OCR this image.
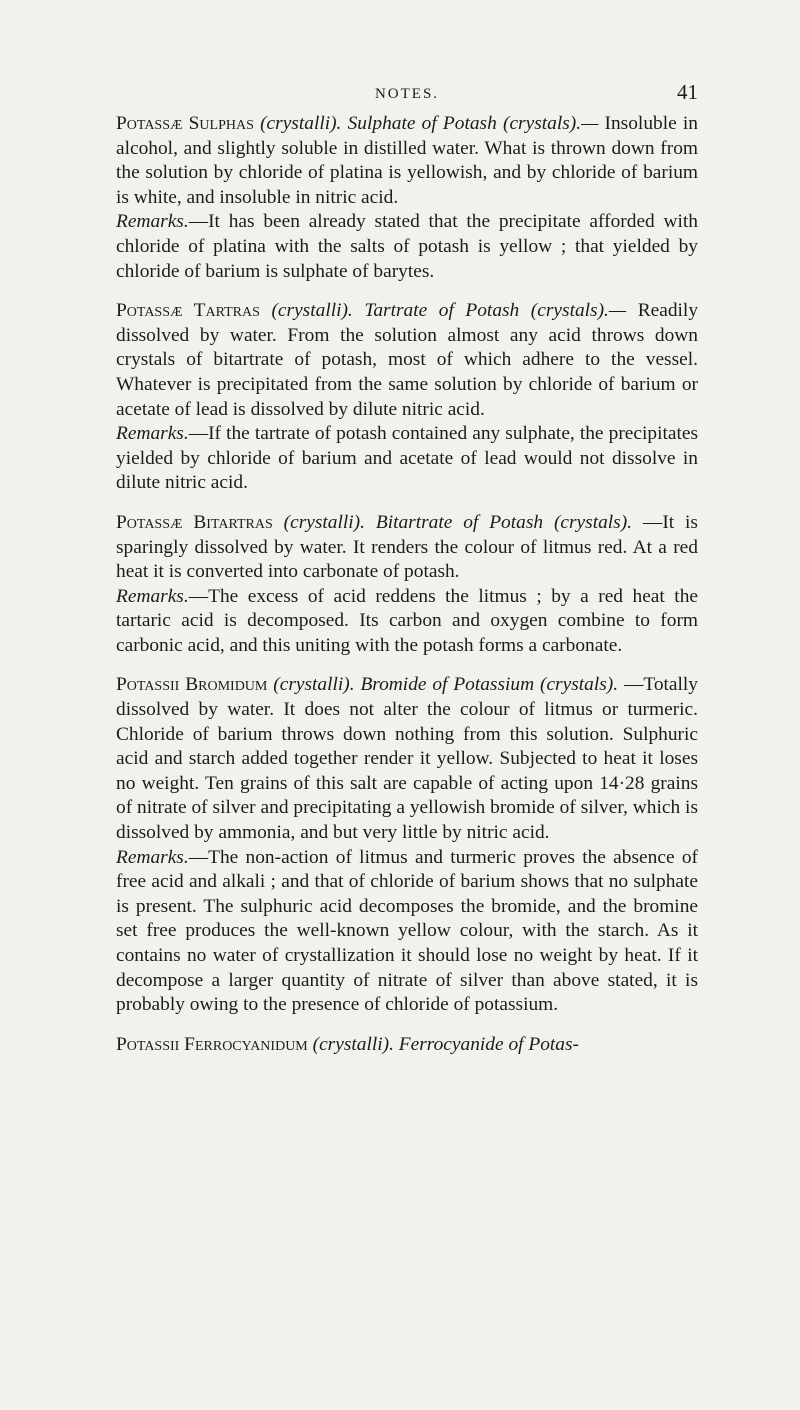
NOTES.	41

Potassæ Sulphas (crystalli). Sulphate of Potash (crystals).— Insoluble in alcohol, and slightly soluble in distilled water. What is thrown down from the solution by chloride of platina is yellowish, and by chloride of barium is white, and insoluble in nitric acid.

Remarks.—It has been already stated that the precipitate afforded with chloride of platina with the salts of potash is yellow ; that yielded by chloride of barium is sulphate of barytes.

Potassæ Tartras (crystalli). Tartrate of Potash (crystals).— Readily dissolved by water. From the solution almost any acid throws down crystals of bitartrate of potash, most of which adhere to the vessel. Whatever is precipitated from the same solution by chloride of barium or acetate of lead is dissolved by dilute nitric acid.

Remarks.—If the tartrate of potash contained any sulphate, the precipitates yielded by chloride of barium and acetate of lead would not dissolve in dilute nitric acid.

Potassæ Bitartras (crystalli). Bitartrate of Potash (crystals). —It is sparingly dissolved by water. It renders the colour of litmus red. At a red heat it is converted into carbonate of potash.

Remarks.—The excess of acid reddens the litmus ; by a red heat the tartaric acid is decomposed. Its carbon and oxygen combine to form carbonic acid, and this uniting with the potash forms a carbonate.

Potassii Bromidum (crystalli). Bromide of Potassium (crystals). —Totally dissolved by water. It does not alter the colour of litmus or turmeric. Chloride of barium throws down nothing from this solution. Sulphuric acid and starch added together render it yellow. Subjected to heat it loses no weight. Ten grains of this salt are capable of acting upon 14·28 grains of nitrate of silver and precipitating a yellowish bromide of silver, which is dissolved by ammonia, and but very little by nitric acid.

Remarks.—The non-action of litmus and turmeric proves the absence of free acid and alkali ; and that of chloride of barium shows that no sulphate is present. The sulphuric acid decomposes the bromide, and the bromine set free produces the well-known yellow colour, with the starch. As it contains no water of crystallization it should lose no weight by heat. If it decompose a larger quantity of nitrate of silver than above stated, it is probably owing to the presence of chloride of potassium.

Potassii Ferrocyanidum (crystalli). Ferrocyanide of Potas-
